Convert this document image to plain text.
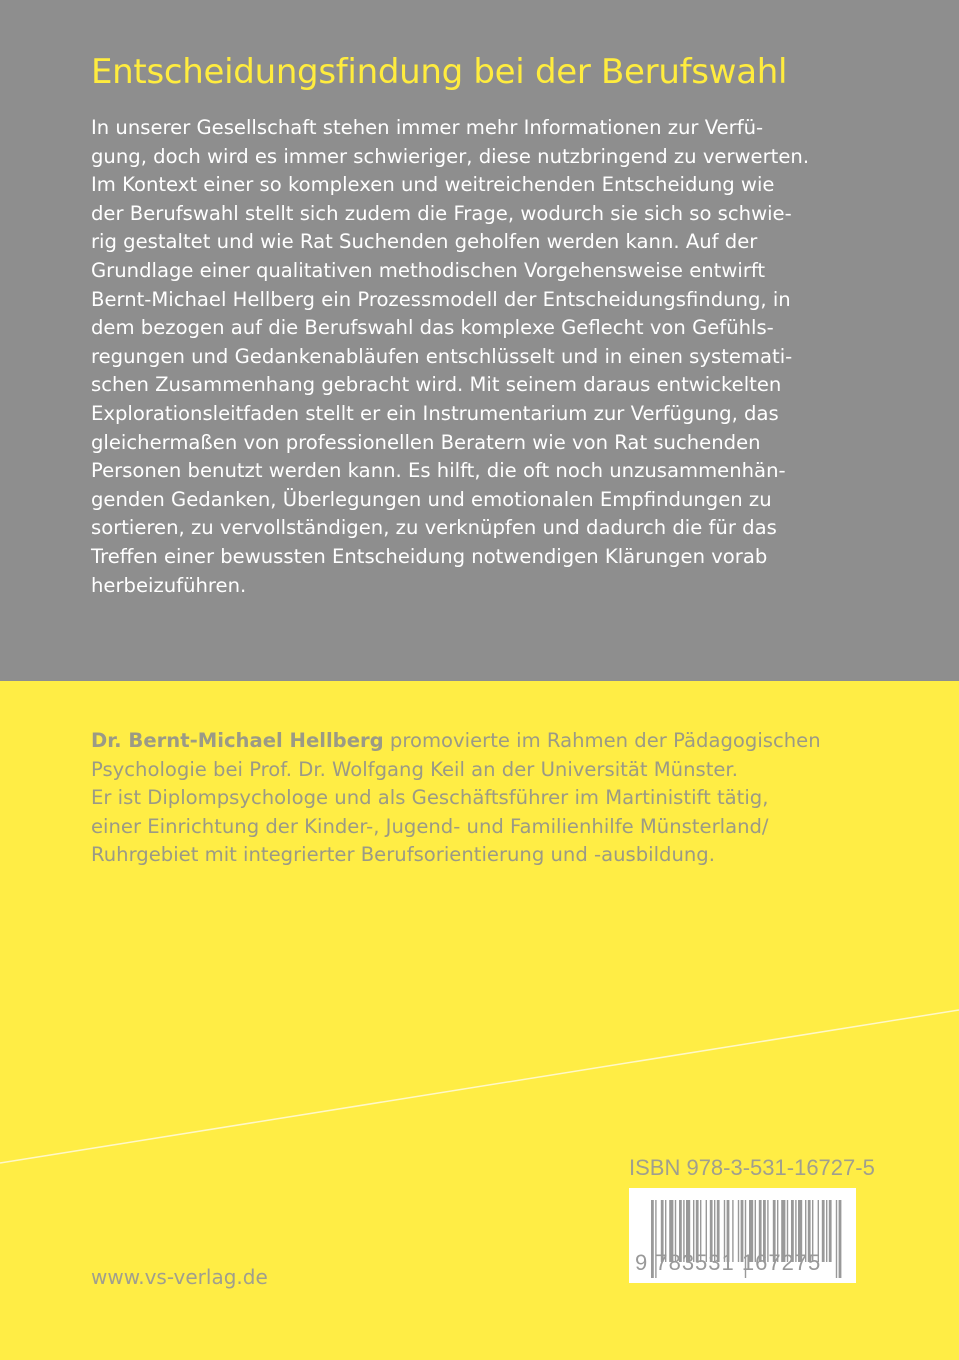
Entscheidungsfindung bei der Berufswahl
In unserer Gesellschaft stehen immer mehr Informationen zur Verfü-
gung, doch wird es immer schwieriger, diese nutzbringend zu verwerten.
Im Kontext einer so komplexen und weitreichenden Entscheidung wie
der Berufswahl stellt sich zudem die Frage, wodurch sie sich so schwie-
rig gestaltet und wie Rat Suchenden geholfen werden kann. Auf der
Grundlage einer qualitativen methodischen Vorgehensweise entwirft
Bernt-Michael Hellberg ein Prozessmodell der Entscheidungsfindung, in
dem bezogen auf die Berufswahl das komplexe Geflecht von Gefühls-
regungen und Gedankenabläufen entschlüsselt und in einen systemati-
schen Zusammenhang gebracht wird. Mit seinem daraus entwickelten
Explorationsleitfaden stellt er ein Instrumentarium zur Verfügung, das
gleichermaßen von professionellen Beratern wie von Rat suchenden
Personen benutzt werden kann. Es hilft, die oft noch unzusammenhän-
genden Gedanken, Überlegungen und emotionalen Empfindungen zu
sortieren, zu vervollständigen, zu verknüpfen und dadurch die für das
Treffen einer bewussten Entscheidung notwendigen Klärungen vorab
herbeizuführen.
Dr. Bernt-Michael Hellberg promovierte im Rahmen der Pädagogischen
Psychologie bei Prof. Dr. Wolfgang Keil an der Universität Münster.
Er ist Diplompsychologe und als Geschäftsführer im Martinistift tätig,
einer Einrichtung der Kinder-, Jugend- und Familienhilfe Münsterland/
Ruhrgebiet mit integrierter Berufsorientierung und -ausbildung.
ISBN 978-3-531-16727-5
9 783531 167275
www.vs-verlag.de
